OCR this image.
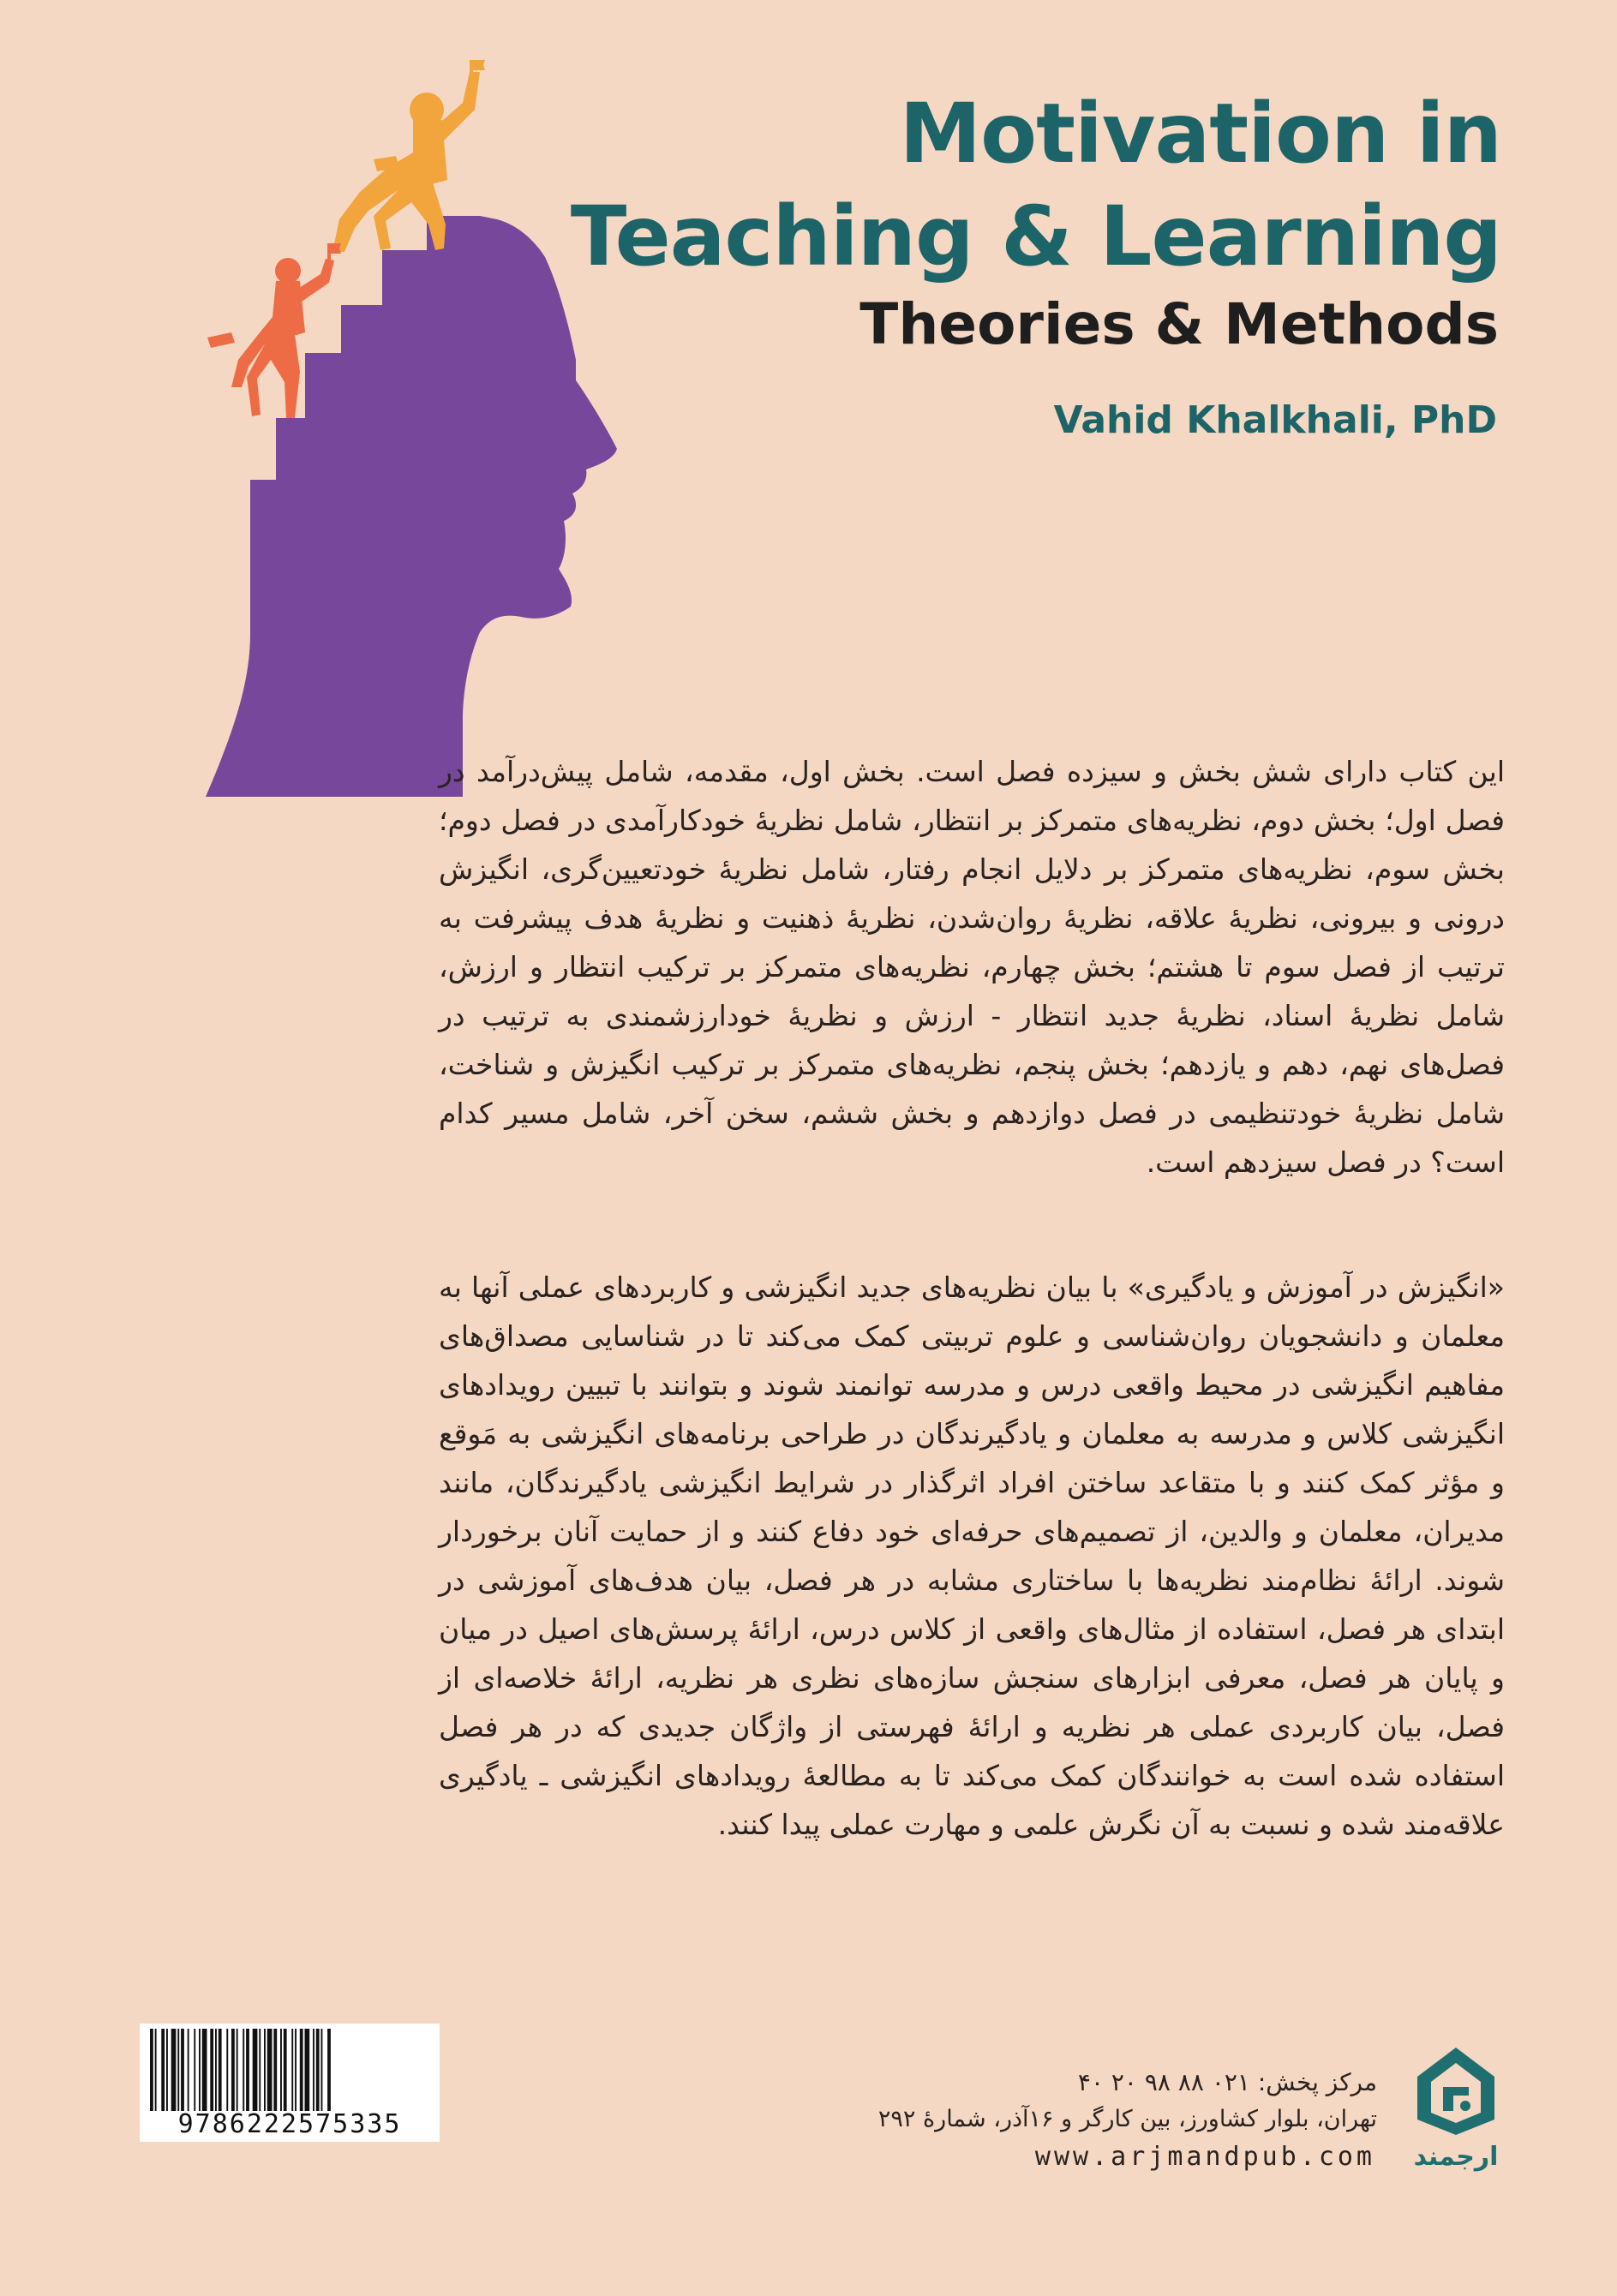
Motivation in
Teaching & Learning
Theories & Methods
Vahid Khalkhali, PhD

این کتاب دارای شش بخش و سیزده فصل است. بخش اول، مقدمه، شامل پیش‌درآمد در فصل اول؛ بخش دوم، نظریه‌های متمرکز بر انتظار، شامل نظریهٔ خودکارآمدی در فصل دوم؛ بخش سوم، نظریه‌های متمرکز بر دلایل انجام رفتار، شامل نظریهٔ خودتعیین‌گری، انگیزش درونی و بیرونی، نظریهٔ علاقه، نظریهٔ روان‌شدن، نظریهٔ ذهنیت و نظریهٔ هدف پیشرفت به ترتیب از فصل سوم تا هشتم؛ بخش چهارم، نظریه‌های متمرکز بر ترکیب انتظار و ارزش، شامل نظریهٔ اسناد، نظریهٔ جدید انتظار - ارزش و نظریهٔ خودارزشمندی به ترتیب در فصل‌های نهم، دهم و یازدهم؛ بخش پنجم، نظریه‌های متمرکز بر ترکیب انگیزش و شناخت، شامل نظریهٔ خودتنظیمی در فصل دوازدهم و بخش ششم، سخن آخر، شامل مسیر کدام است؟ در فصل سیزدهم است.

«انگیزش در آموزش و یادگیری» با بیان نظریه‌های جدید انگیزشی و کاربردهای عملی آنها به معلمان و دانشجویان روان‌شناسی و علوم تربیتی کمک می‌کند تا در شناسایی مصداق‌های مفاهیم انگیزشی در محیط واقعی درس و مدرسه توانمند شوند و بتوانند با تبیین رویدادهای انگیزشی کلاس و مدرسه به معلمان و یادگیرندگان در طراحی برنامه‌های انگیزشی به مَوقع و مؤثر کمک کنند و با متقاعد ساختن افراد اثرگذار در شرایط انگیزشی یادگیرندگان، مانند مدیران، معلمان و والدین، از تصمیم‌های حرفه‌ای خود دفاع کنند و از حمایت آنان برخوردار شوند. ارائهٔ نظام‌مند نظریه‌ها با ساختاری مشابه در هر فصل، بیان هدف‌های آموزشی در ابتدای هر فصل، استفاده از مثال‌های واقعی از کلاس درس، ارائهٔ پرسش‌های اصیل در میان و پایان هر فصل، معرفی ابزارهای سنجش سازه‌های نظری هر نظریه، ارائهٔ خلاصه‌ای از فصل، بیان کاربردی عملی هر نظریه و ارائهٔ فهرستی از واژگان جدیدی که در هر فصل استفاده شده است به خوانندگان کمک می‌کند تا به مطالعهٔ رویدادهای انگیزشی ـ یادگیری علاقه‌مند شده و نسبت به آن نگرش علمی و مهارت عملی پیدا کنند.

9786222575335
ارجمند
مرکز پخش: ۰۲۱ ۸۸ ۹۸ ۲۰ ۴۰
تهران، بلوار کشاورز، بین کارگر و ۱۶آذر، شمارهٔ ۲۹۲
www.arjmandpub.com
